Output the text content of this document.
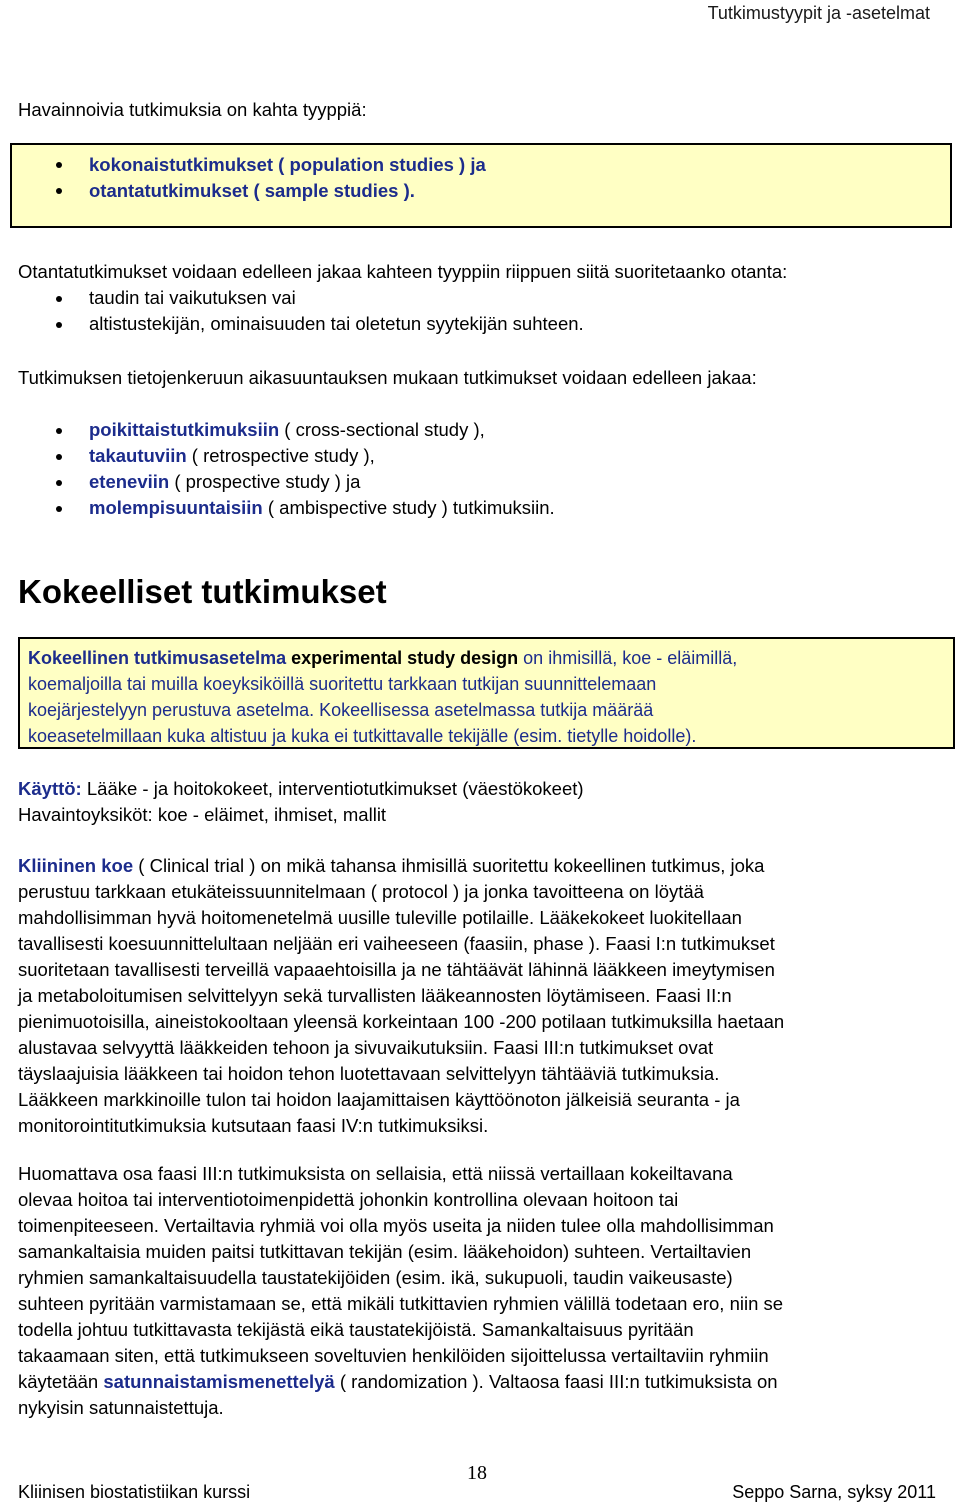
Tutkimustyypit ja -asetelmat
Havainnoivia tutkimuksia on kahta tyyppiä:
kokonaistutkimukset ( population studies ) ja
otantatutkimukset ( sample studies ).
Otantatutkimukset voidaan edelleen jakaa kahteen tyyppiin riippuen siitä suoritetaanko otanta:
taudin tai vaikutuksen vai
altistustekijän, ominaisuuden tai oletetun syytekijän suhteen.
Tutkimuksen tietojenkeruun aikasuuntauksen mukaan tutkimukset voidaan edelleen jakaa:
poikittaistutkimuksiin ( cross-sectional study ),
takautuviin ( retrospective study ),
eteneviin ( prospective study ) ja
molempisuuntaisiin ( ambispective study ) tutkimuksiin.
Kokeelliset tutkimukset
Kokeellinen tutkimusasetelma experimental study design on ihmisillä, koe - eläimillä,
koemaljoilla tai muilla koeyksiköillä suoritettu tarkkaan tutkijan suunnittelemaan
koejärjestelyyn perustuva asetelma. Kokeellisessa asetelmassa tutkija määrää
koeasetelmillaan kuka altistuu ja kuka ei tutkittavalle tekijälle (esim. tietylle hoidolle).
Käyttö: Lääke - ja hoitokokeet, interventiotutkimukset (väestökokeet)
Havaintoyksiköt: koe - eläimet, ihmiset, mallit
Kliininen koe ( Clinical trial ) on mikä tahansa ihmisillä suoritettu kokeellinen tutkimus, joka
perustuu tarkkaan etukäteissuunnitelmaan ( protocol ) ja jonka tavoitteena on löytää
mahdollisimman hyvä hoitomenetelmä uusille tuleville potilaille. Lääkekokeet luokitellaan
tavallisesti koesuunnittelultaan neljään eri vaiheeseen (faasiin, phase ). Faasi I:n tutkimukset
suoritetaan tavallisesti terveillä vapaaehtoisilla ja ne tähtäävät lähinnä lääkkeen imeytymisen
ja metaboloitumisen selvittelyyn sekä turvallisten lääkeannosten löytämiseen. Faasi II:n
pienimuotoisilla, aineistokooltaan yleensä korkeintaan 100 -200 potilaan tutkimuksilla haetaan
alustavaa selvyyttä lääkkeiden tehoon ja sivuvaikutuksiin. Faasi III:n tutkimukset ovat
täyslaajuisia lääkkeen tai hoidon tehon luotettavaan selvittelyyn tähtääviä tutkimuksia.
Lääkkeen markkinoille tulon tai hoidon laajamittaisen käyttöönoton jälkeisiä seuranta - ja
monitorointitutkimuksia kutsutaan faasi IV:n tutkimuksiksi.
Huomattava osa faasi III:n tutkimuksista on sellaisia, että niissä vertaillaan kokeiltavana
olevaa hoitoa tai interventiotoimenpidettä johonkin kontrollina olevaan hoitoon tai
toimenpiteeseen. Vertailtavia ryhmiä voi olla myös useita ja niiden tulee olla mahdollisimman
samankaltaisia muiden paitsi tutkittavan tekijän (esim. lääkehoidon) suhteen. Vertailtavien
ryhmien samankaltaisuudella taustatekijöiden (esim. ikä, sukupuoli, taudin vaikeusaste)
suhteen pyritään varmistamaan se, että mikäli tutkittavien ryhmien välillä todetaan ero, niin se
todella johtuu tutkittavasta tekijästä eikä taustatekijöistä. Samankaltaisuus pyritään
takaamaan siten, että tutkimukseen soveltuvien henkilöiden sijoittelussa vertailtaviin ryhmiin
käytetään satunnaistamismenettelyä ( randomization ). Valtaosa faasi III:n tutkimuksista on
nykyisin satunnaistettuja.
18
Kliinisen biostatistiikan kurssi	Seppo Sarna, syksy 2011
